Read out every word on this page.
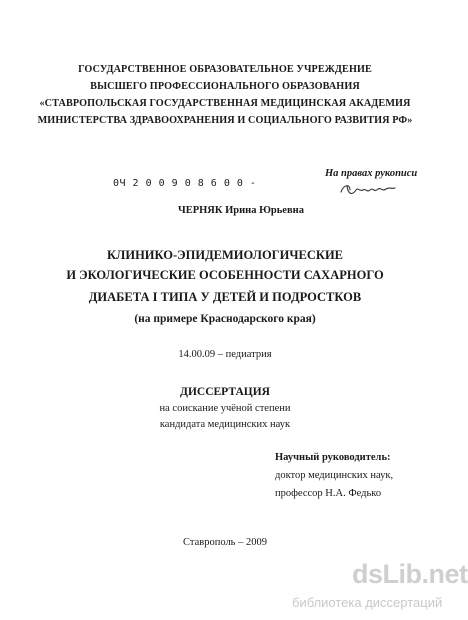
ГОСУДАРСТВЕННОЕ ОБРАЗОВАТЕЛЬНОЕ УЧРЕЖДЕНИЕ
ВЫСШЕГО ПРОФЕССИОНАЛЬНОГО ОБРАЗОВАНИЯ
«СТАВРОПОЛЬСКАЯ ГОСУДАРСТВЕННАЯ МЕДИЦИНСКАЯ АКАДЕМИЯ
МИНИСТЕРСТВА ЗДРАВООХРАНЕНИЯ И СОЦИАЛЬНОГО РАЗВИТИЯ РФ»
На правах рукописи
0Ч 2 0 0 9 0 8 6 0 0 -
ЧЕРНЯК Ирина Юрьевна
КЛИНИКО-ЭПИДЕМИОЛОГИЧЕСКИЕ
И ЭКОЛОГИЧЕСКИЕ ОСОБЕННОСТИ САХАРНОГО
ДИАБЕТА I ТИПА У ДЕТЕЙ И ПОДРОСТКОВ
(на примере Краснодарского края)
14.00.09 – педиатрия
ДИССЕРТАЦИЯ
на соискание учёной степени
кандидата медицинских наук
Научный руководитель:
доктор медицинских наук,
профессор Н.А. Федько
Ставрополь – 2009
dsLib.net
библиотека диссертаций
